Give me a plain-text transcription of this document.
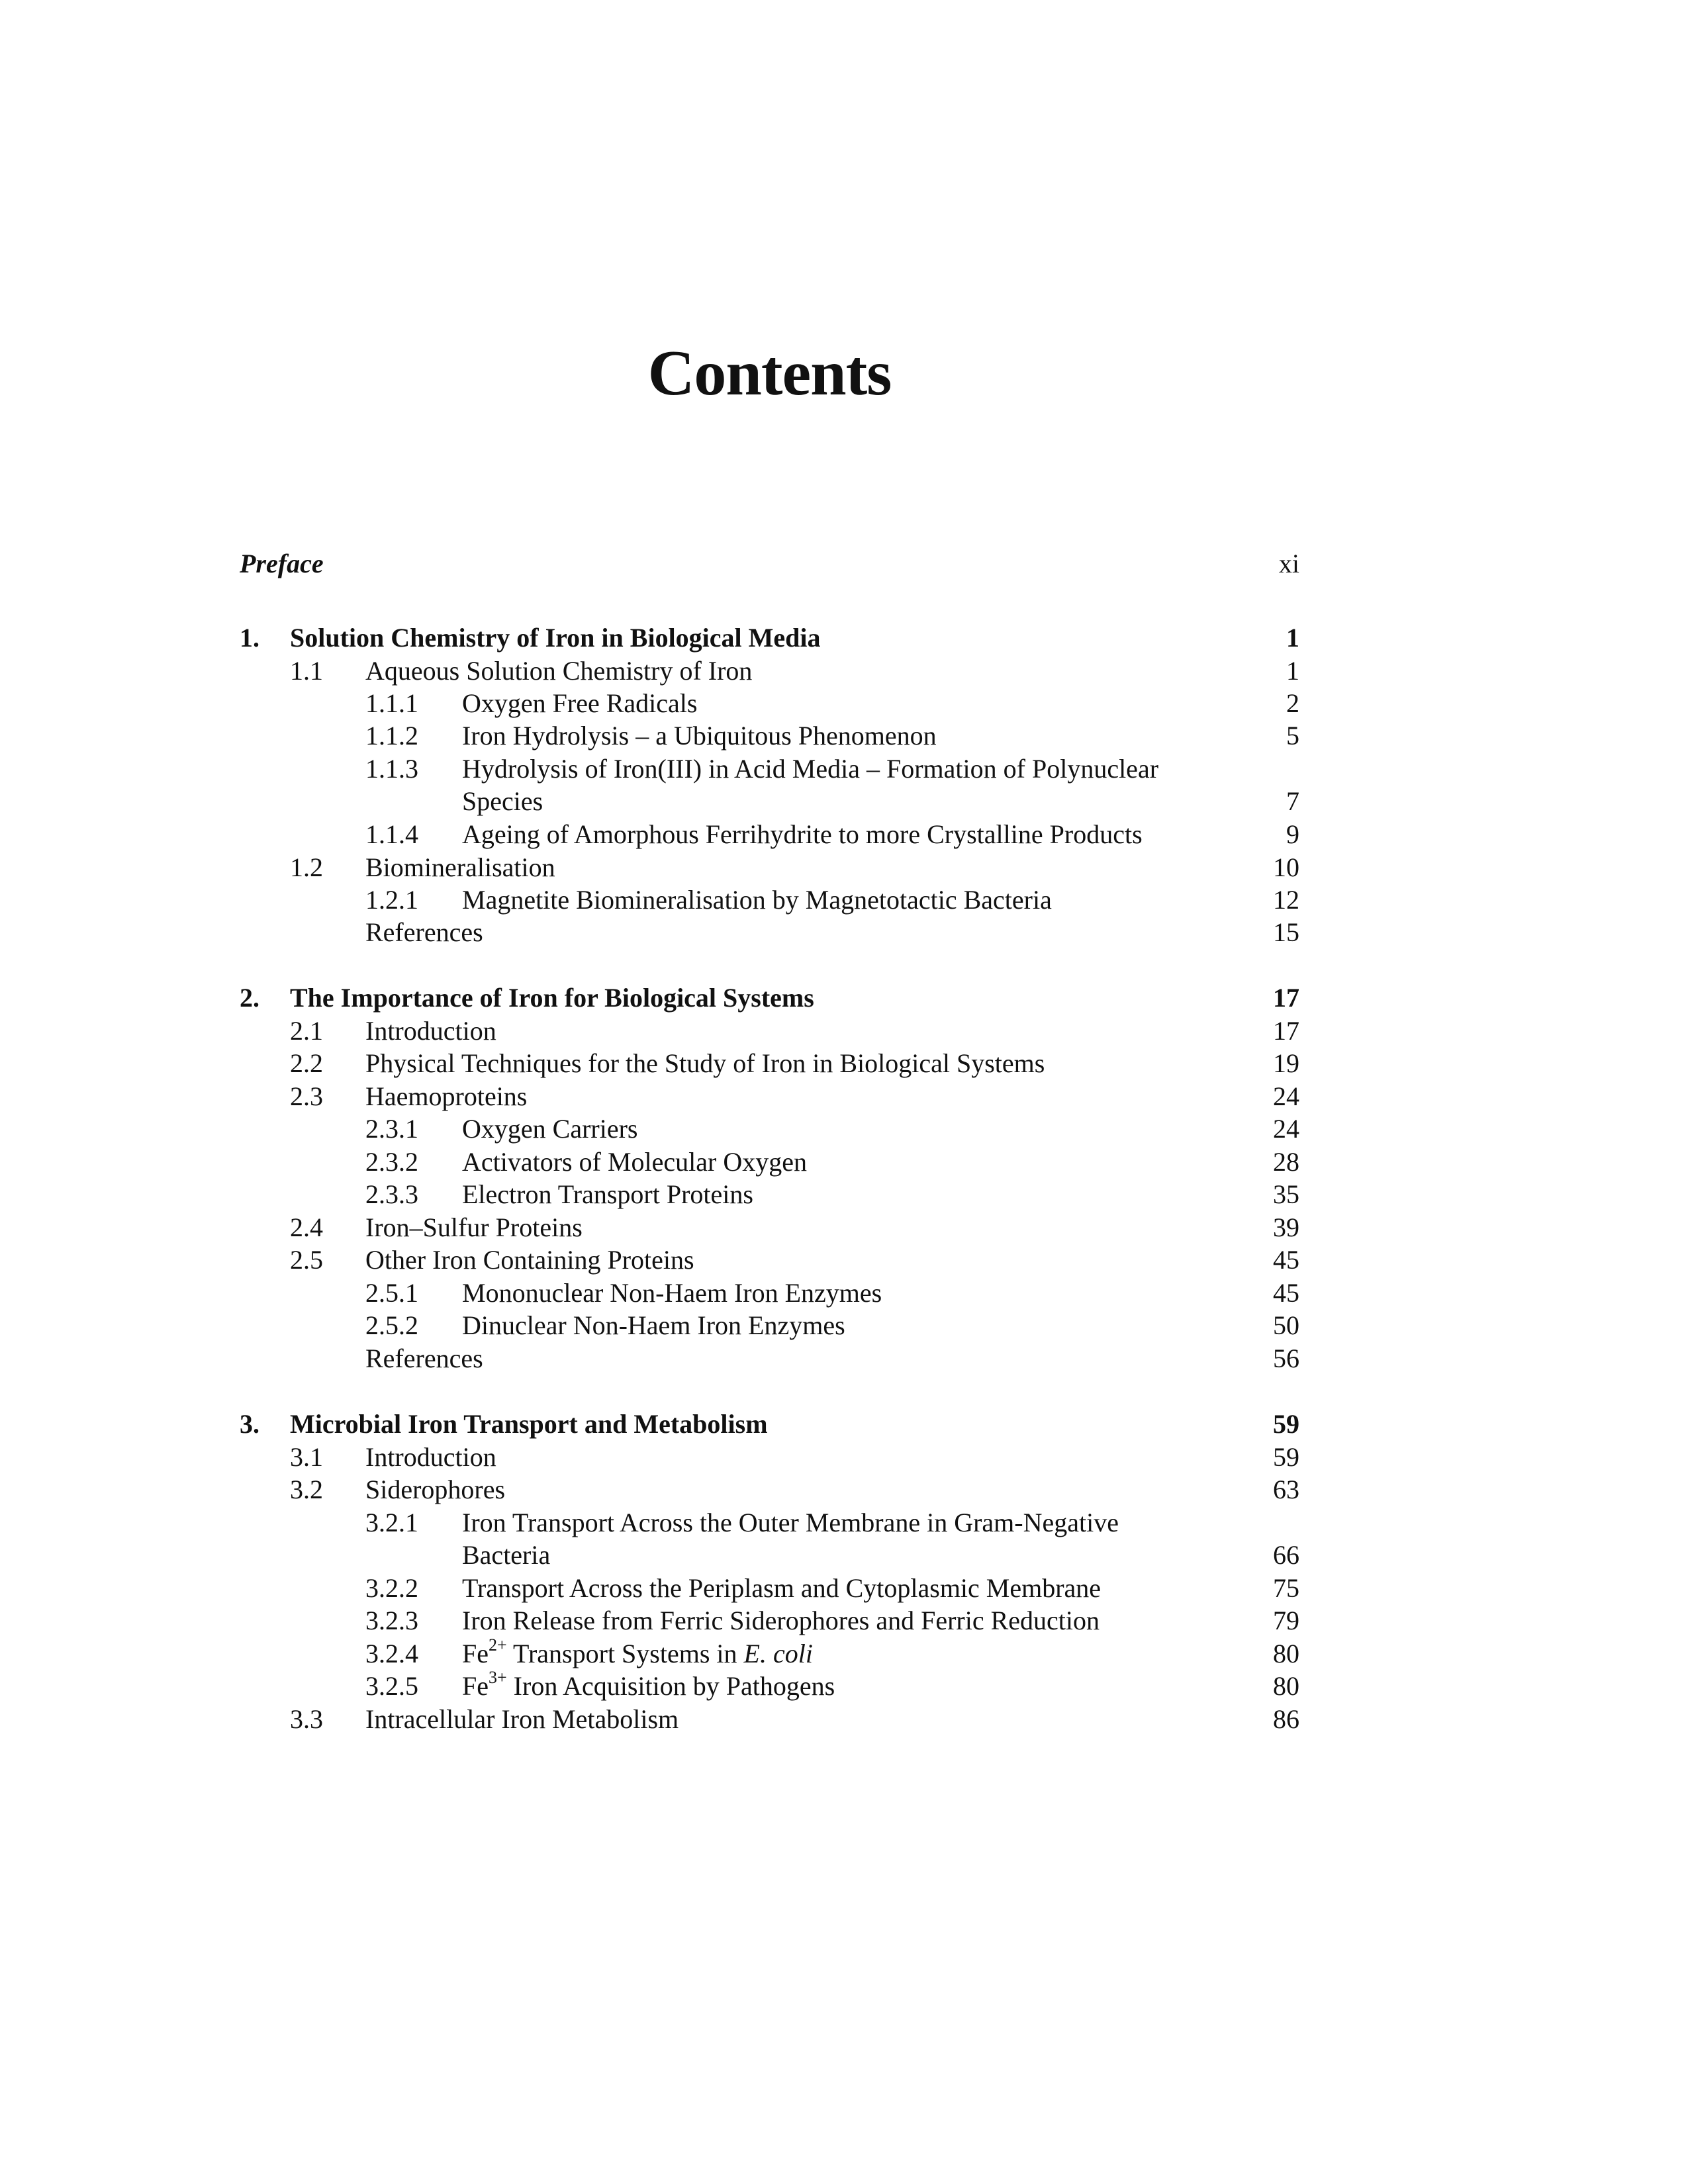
Contents
Preface	xi
1. Solution Chemistry of Iron in Biological Media	1
1.1 Aqueous Solution Chemistry of Iron	1
1.1.1 Oxygen Free Radicals	2
1.1.2 Iron Hydrolysis – a Ubiquitous Phenomenon	5
1.1.3 Hydrolysis of Iron(III) in Acid Media – Formation of Polynuclear
Species	7
1.1.4 Ageing of Amorphous Ferrihydrite to more Crystalline Products	9
1.2 Biomineralisation	10
1.2.1 Magnetite Biomineralisation by Magnetotactic Bacteria	12
References	15
2. The Importance of Iron for Biological Systems	17
2.1 Introduction	17
2.2 Physical Techniques for the Study of Iron in Biological Systems	19
2.3 Haemoproteins	24
2.3.1 Oxygen Carriers	24
2.3.2 Activators of Molecular Oxygen	28
2.3.3 Electron Transport Proteins	35
2.4 Iron–Sulfur Proteins	39
2.5 Other Iron Containing Proteins	45
2.5.1 Mononuclear Non-Haem Iron Enzymes	45
2.5.2 Dinuclear Non-Haem Iron Enzymes	50
References	56
3. Microbial Iron Transport and Metabolism	59
3.1 Introduction	59
3.2 Siderophores	63
3.2.1 Iron Transport Across the Outer Membrane in Gram-Negative
Bacteria	66
3.2.2 Transport Across the Periplasm and Cytoplasmic Membrane	75
3.2.3 Iron Release from Ferric Siderophores and Ferric Reduction	79
3.2.4 $Fe^{2+}$ Transport Systems in E. coli	80
3.2.5 $Fe^{3+}$ Iron Acquisition by Pathogens	80
3.3 Intracellular Iron Metabolism	86
